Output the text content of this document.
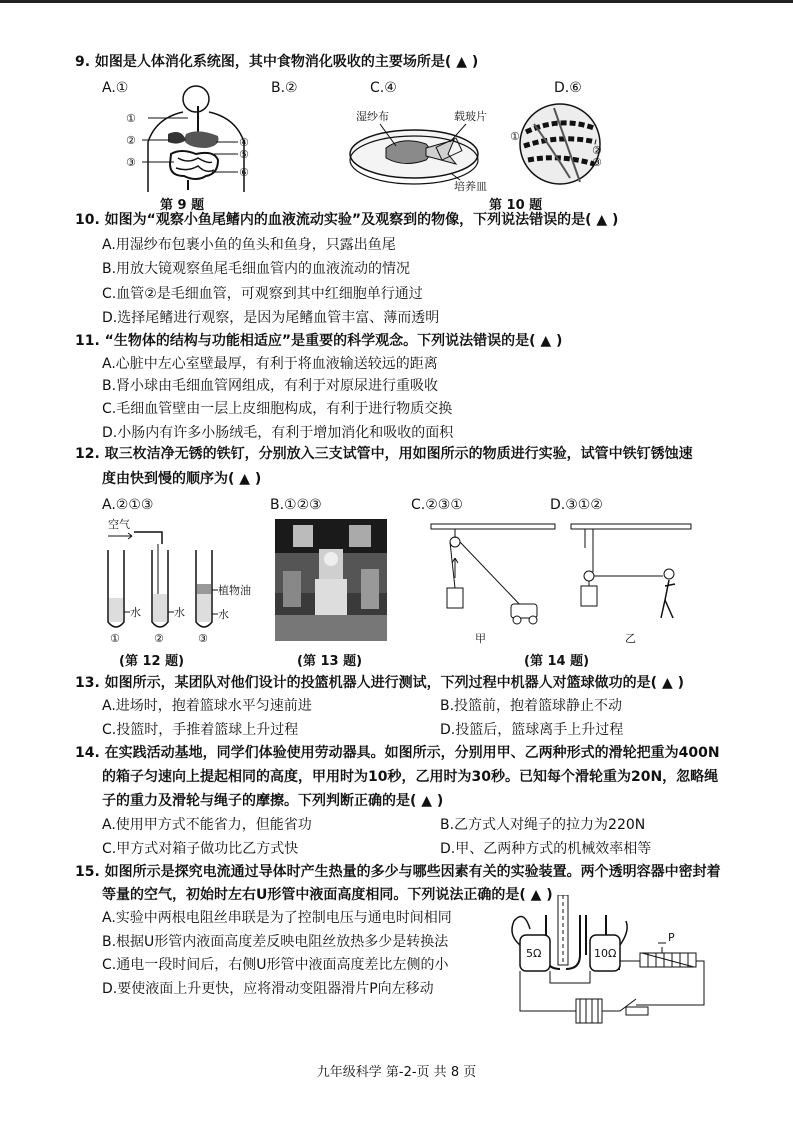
9. 如图是人体消化系统图，其中食物消化吸收的主要场所是( ▲ )
A.①	B.②	C.④	D.⑥
①
②
③
④
⑤
⑥
第 9 题
湿纱布	载玻片
培养皿
①
②
③
第 10 题
10. 如图为“观察小鱼尾鳍内的血液流动实验”及观察到的物像，下列说法错误的是( ▲ )
A.用湿纱布包裹小鱼的鱼头和鱼身，只露出鱼尾
B.用放大镜观察鱼尾毛细血管内的血液流动的情况
C.血管②是毛细血管，可观察到其中红细胞单行通过
D.选择尾鳍进行观察，是因为尾鳍血管丰富、薄而透明
11. “生物体的结构与功能相适应”是重要的科学观念。下列说法错误的是( ▲ )
A.心脏中左心室壁最厚，有利于将血液输送较远的距离
B.肾小球由毛细血管网组成，有利于对原尿进行重吸收
C.毛细血管壁由一层上皮细胞构成，有利于进行物质交换
D.小肠内有许多小肠绒毛，有利于增加消化和吸收的面积
12. 取三枚洁净无锈的铁钉，分别放入三支试管中，用如图所示的物质进行实验，试管中铁钉锈蚀速
度由快到慢的顺序为( ▲ )
A.②①③	B.①②③	C.②③①	D.③①②
空气
水	水
植物油
水
①	②	③
(第 12 题)	(第 13 题)
甲	乙
(第 14 题)
13. 如图所示，某团队对他们设计的投篮机器人进行测试，下列过程中机器人对篮球做功的是( ▲ )
A.进场时，抱着篮球水平匀速前进	B.投篮前，抱着篮球静止不动
C.投篮时，手推着篮球上升过程	D.投篮后，篮球离手上升过程
14. 在实践活动基地，同学们体验使用劳动器具。如图所示，分别用甲、乙两种形式的滑轮把重为400N
的箱子匀速向上提起相同的高度，甲用时为10秒，乙用时为30秒。已知每个滑轮重为20N，忽略绳
子的重力及滑轮与绳子的摩擦。下列判断正确的是( ▲ )
A.使用甲方式不能省力，但能省功	B.乙方式人对绳子的拉力为220N
C.甲方式对箱子做功比乙方式快	D.甲、乙两种方式的机械效率相等
15. 如图所示是探究电流通过导体时产生热量的多少与哪些因素有关的实验装置。两个透明容器中密封着
等量的空气，初始时左右U形管中液面高度相同。下列说法正确的是( ▲ )
A.实验中两根电阻丝串联是为了控制电压与通电时间相同
B.根据U形管内液面高度差反映电阻丝放热多少是转换法
C.通电一段时间后，右侧U形管中液面高度差比左侧的小
D.要使液面上升更快，应将滑动变阻器滑片P向左移动
5Ω	10Ω
P
九年级科学 第-2-页 共 8 页
